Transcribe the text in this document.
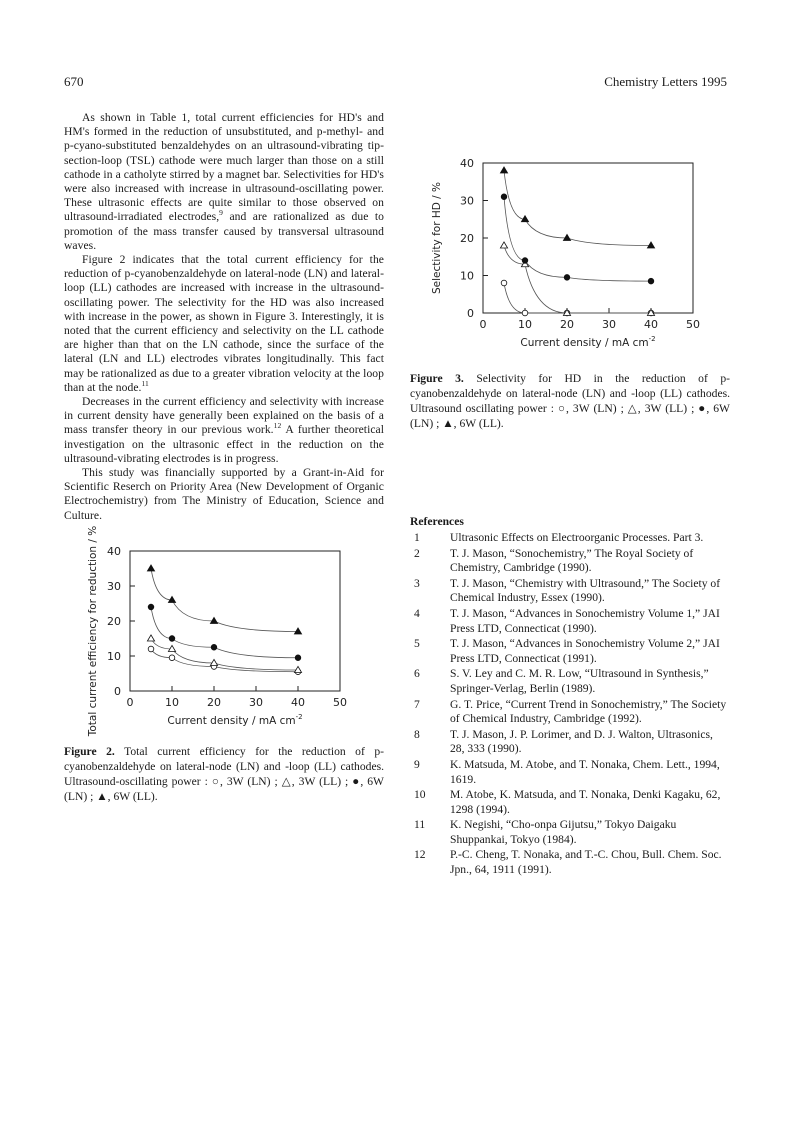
670	Chemistry Letters 1995

As shown in Table 1, total current efficiencies for HD's and HM's formed in the reduction of unsubstituted, and p-methyl- and p-cyano-substituted benzaldehydes on an ultrasound-vibrating tip-section-loop (TSL) cathode were much larger than those on a still cathode in a catholyte stirred by a magnet bar. Selectivities for HD's were also increased with increase in ultrasound-oscillating power. These ultrasonic effects are quite similar to those observed on ultrasound-irradiated electrodes,$^9$ and are rationalized as due to promotion of the mass transfer caused by transversal ultrasound waves.

Figure 2 indicates that the total current efficiency for the reduction of p-cyanobenzaldehyde on lateral-node (LN) and lateral-loop (LL) cathodes are increased with increase in the ultrasound-oscillating power. The selectivity for the HD was also increased with increase in the power, as shown in Figure 3. Interestingly, it is noted that the current efficiency and selectivity on the LL cathode are higher than that on the LN cathode, since the surface of the lateral (LN and LL) electrodes vibrates longitudinally. This fact may be rationalized as due to a greater vibration velocity at the loop than at the node.$^{11}$

Decreases in the current efficiency and selectivity with increase in current density have generally been explained on the basis of a mass transfer theory in our previous work.$^{12}$ A further theoretical investigation on the ultrasonic effect in the reduction on the ultrasound-vibrating electrodes is in progress.

This study was financially supported by a Grant-in-Aid for Scientific Reserch on Priority Area (New Development of Organic Electrochemistry) from The Ministry of Education, Science and Culture.

0	10	20	30	40	50
0
10
20
30
40
Current density / mA $cm^{-2}$
Total current efficiency for reduction / %
Figure 2. Total current efficiency for the reduction of p-cyanobenzaldehyde on lateral-node (LN) and -loop (LL) cathodes. Ultrasound-oscillating power : ○, 3W (LN) ; △, 3W (LL) ; ●, 6W (LN) ; ▲, 6W (LL).
0	10	20	30	40	50
0
10
20
30
40
Current density / mA $cm^{-2}$
Selectivity for HD / %
Figure 3. Selectivity for HD in the reduction of p-cyanobenzaldehyde on lateral-node (LN) and -loop (LL) cathodes. Ultrasound oscillating power : ○, 3W (LN) ; △, 3W (LL) ; ●, 6W (LN) ; ▲, 6W (LL).
References
1	Ultrasonic Effects on Electroorganic Processes. Part 3.
2	T. J. Mason, “Sonochemistry,” The Royal Society of Chemistry, Cambridge (1990).
3	T. J. Mason, “Chemistry with Ultrasound,” The Society of Chemical Industry, Essex (1990).
4	T. J. Mason, “Advances in Sonochemistry Volume 1,” JAI Press LTD, Connecticat (1990).
5	T. J. Mason, “Advances in Sonochemistry Volume 2,” JAI Press LTD, Connecticat (1991).
6	S. V. Ley and C. M. R. Low, “Ultrasound in Synthesis,” Springer-Verlag, Berlin (1989).
7	G. T. Price, “Current Trend in Sonochemistry,” The Society of Chemical Industry, Cambridge (1992).
8	T. J. Mason, J. P. Lorimer, and D. J. Walton, Ultrasonics, 28, 333 (1990).
9	K. Matsuda, M. Atobe, and T. Nonaka, Chem. Lett., 1994, 1619.
10	M. Atobe, K. Matsuda, and T. Nonaka, Denki Kagaku, 62, 1298 (1994).
11	K. Negishi, “Cho-onpa Gijutsu,” Tokyo Daigaku Shuppankai, Tokyo (1984).
12	P.-C. Cheng, T. Nonaka, and T.-C. Chou, Bull. Chem. Soc. Jpn., 64, 1911 (1991).
